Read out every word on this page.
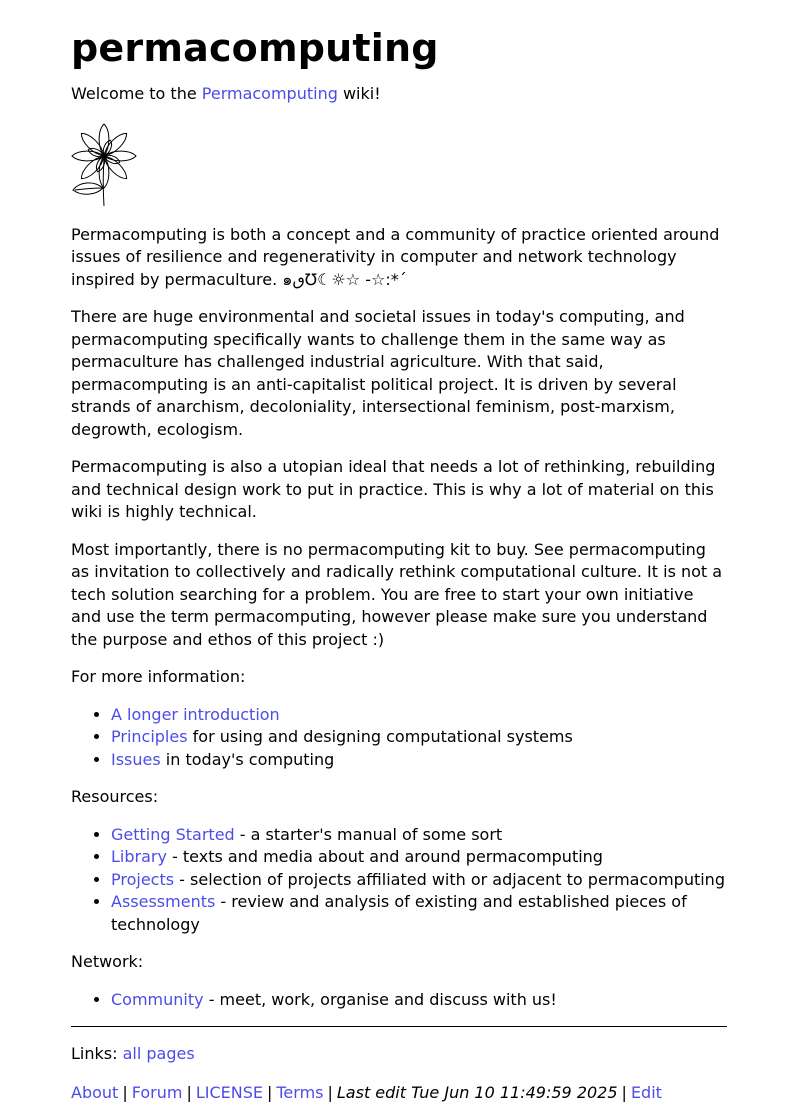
permacomputing

Welcome to the Permacomputing wiki!

Permacomputing is both a concept and a community of practice oriented around issues of resilience and regenerativity in computer and network technology inspired by permaculture. ๑ٯ℧☾☼☆ -☆:*´

There are huge environmental and societal issues in today's computing, and permacomputing specifically wants to challenge them in the same way as permaculture has challenged industrial agriculture. With that said, permacomputing is an anti-capitalist political project. It is driven by several strands of anarchism, decoloniality, intersectional feminism, post-marxism, degrowth, ecologism.

Permacomputing is also a utopian ideal that needs a lot of rethinking, rebuilding and technical design work to put in practice. This is why a lot of material on this wiki is highly technical.

Most importantly, there is no permacomputing kit to buy. See permacomputing as invitation to collectively and radically rethink computational culture. It is not a tech solution searching for a problem. You are free to start your own initiative and use the term permacomputing, however please make sure you understand the purpose and ethos of this project :)

For more information:

• A longer introduction
• Principles for using and designing computational systems
• Issues in today's computing

Resources:

• Getting Started - a starter's manual of some sort
• Library - texts and media about and around permacomputing
• Projects - selection of projects affiliated with or adjacent to permacomputing
• Assessments - review and analysis of existing and established pieces of technology

Network:

• Community - meet, work, organise and discuss with us!

Links: all pages

About | Forum | LICENSE | Terms | Last edit Tue Jun 10 11:49:59 2025 | Edit
